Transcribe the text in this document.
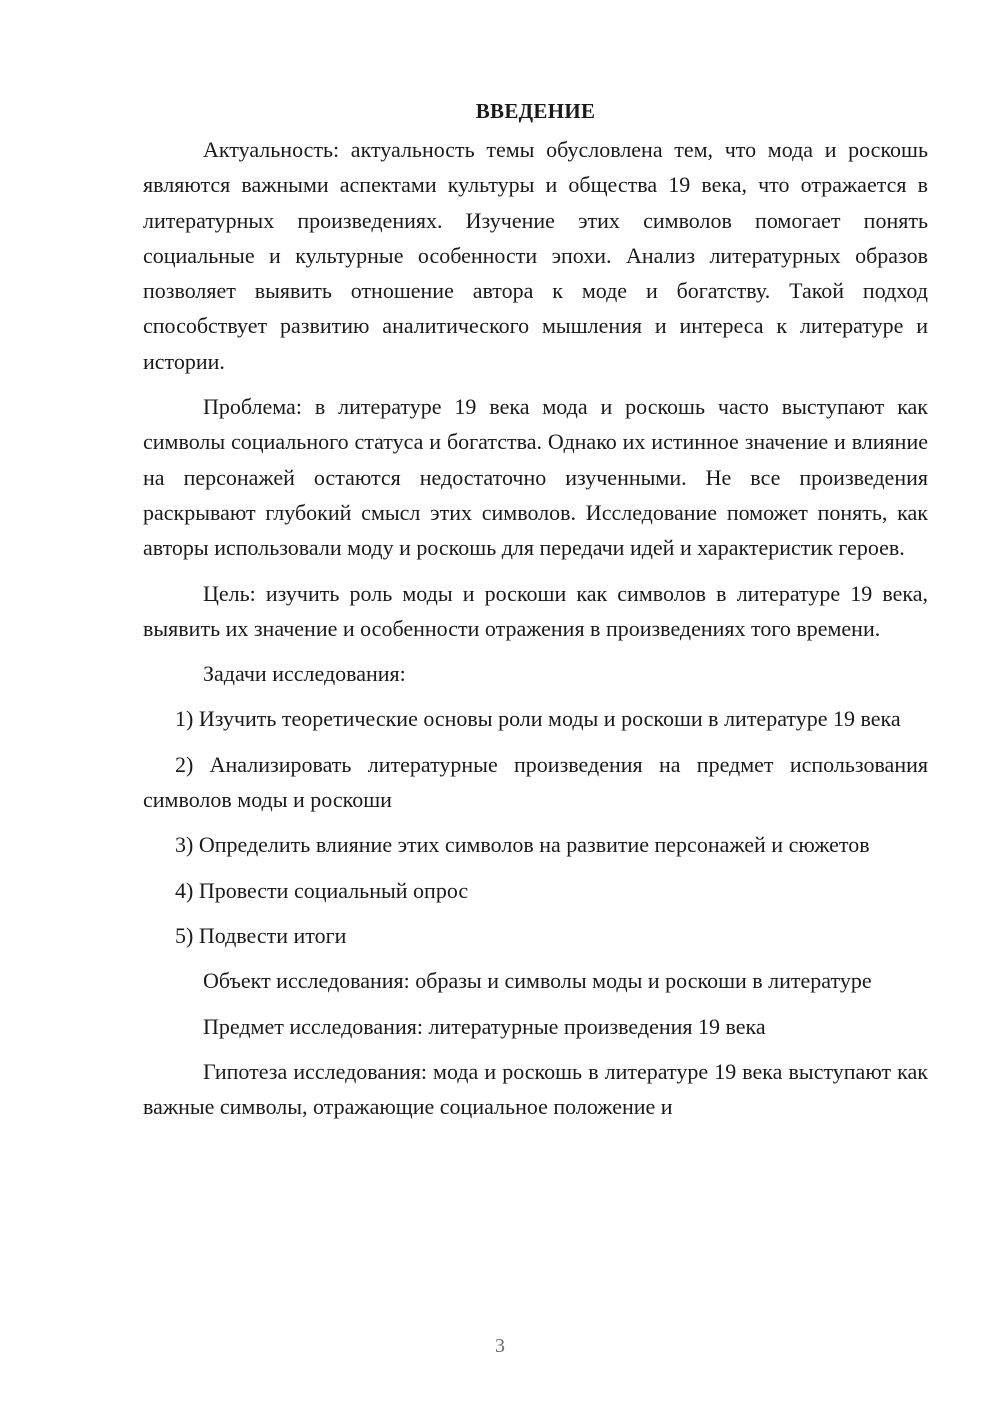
ВВЕДЕНИЕ
Актуальность: актуальность темы обусловлена тем, что мода и роскошь являются важными аспектами культуры и общества 19 века, что отражается в литературных произведениях. Изучение этих символов помогает понять социальные и культурные особенности эпохи. Анализ литературных образов позволяет выявить отношение автора к моде и богатству. Такой подход способствует развитию аналитического мышления и интереса к литературе и истории.
Проблема: в литературе 19 века мода и роскошь часто выступают как символы социального статуса и богатства. Однако их истинное значение и влияние на персонажей остаются недостаточно изученными. Не все произведения раскрывают глубокий смысл этих символов. Исследование поможет понять, как авторы использовали моду и роскошь для передачи идей и характеристик героев.
Цель: изучить роль моды и роскоши как символов в литературе 19 века, выявить их значение и особенности отражения в произведениях того времени.
Задачи исследования:
1) Изучить теоретические основы роли моды и роскоши в литературе 19 века
2) Анализировать литературные произведения на предмет использования символов моды и роскоши
3) Определить влияние этих символов на развитие персонажей и сюжетов
4) Провести социальный опрос
5) Подвести итоги
Объект исследования: образы и символы моды и роскоши в литературе
Предмет исследования: литературные произведения 19 века
Гипотеза исследования: мода и роскошь в литературе 19 века выступают как важные символы, отражающие социальное положение и
3
